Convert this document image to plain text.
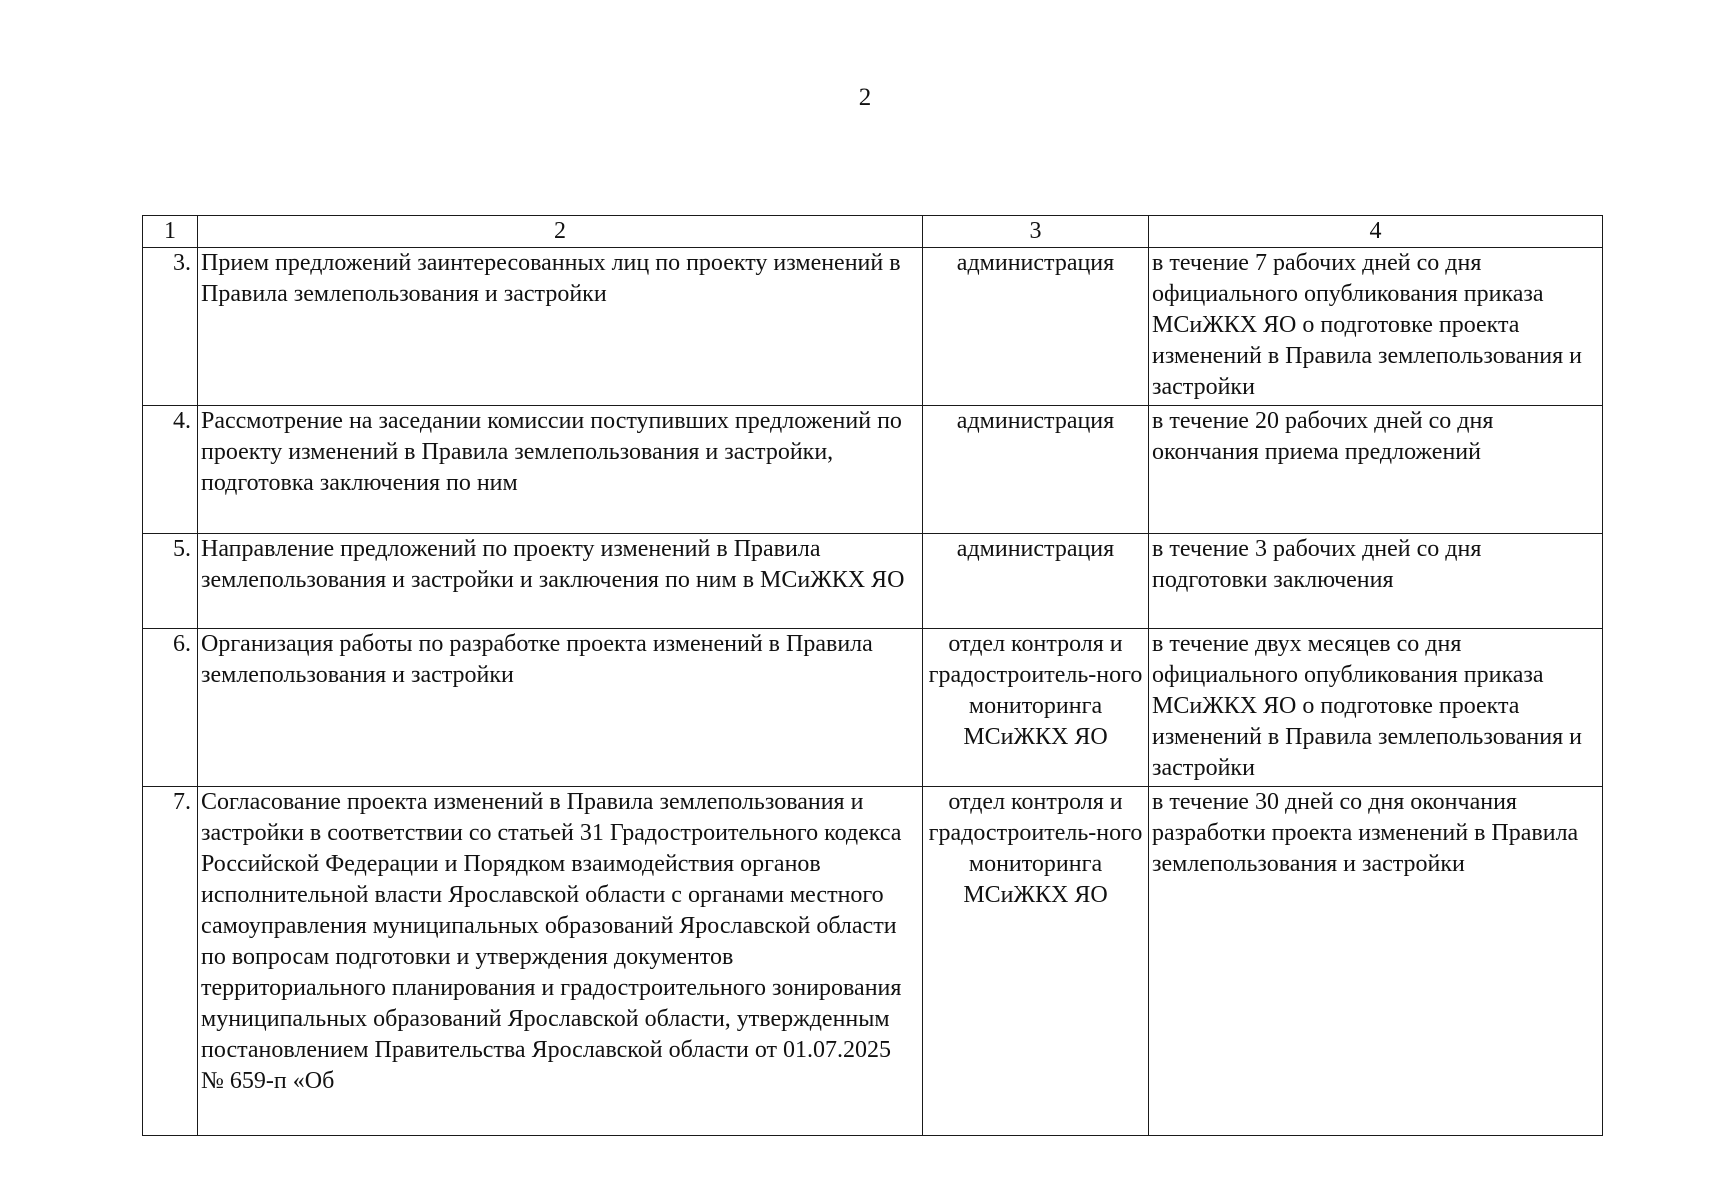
2
1	2	3	4
3.	Прием предложений заинтересованных лиц по проекту изменений в Правила землепользования и застройки	администрация	в течение 7 рабочих дней со дня официального опубликования приказа МСиЖКХ ЯО о подготовке проекта изменений в Правила землепользования и застройки
4.	Рассмотрение на заседании комиссии поступивших предложений по проекту изменений в Правила землепользования и застройки, подготовка заключения по ним	администрация	в течение 20 рабочих дней со дня окончания приема предложений
5.	Направление предложений по проекту изменений в Правила землепользования и застройки и заключения по ним в МСиЖКХ ЯО	администрация	в течение 3 рабочих дней со дня подготовки заключения
6.	Организация работы по разработке проекта изменений в Правила землепользования и застройки	отдел контроля и градостроитель-ного мониторинга МСиЖКХ ЯО	в течение двух месяцев со дня официального опубликования приказа МСиЖКХ ЯО о подготовке проекта изменений в Правила землепользования и застройки
7.	Согласование проекта изменений в Правила землепользования и застройки в соответствии со статьей 31 Градостроительного кодекса Российской Федерации и Порядком взаимодействия органов исполнительной власти Ярославской области с органами местного самоуправления муниципальных образований Ярославской области по вопросам подготовки и утверждения документов территориального планирования и градостроительного зонирования муниципальных образований Ярославской области, утвержденным постановлением Правительства Ярославской области от 01.07.2025 № 659-п «Об	отдел контроля и градостроитель-ного мониторинга МСиЖКХ ЯО	в течение 30 дней со дня окончания разработки проекта изменений в Правила землепользования и застройки
